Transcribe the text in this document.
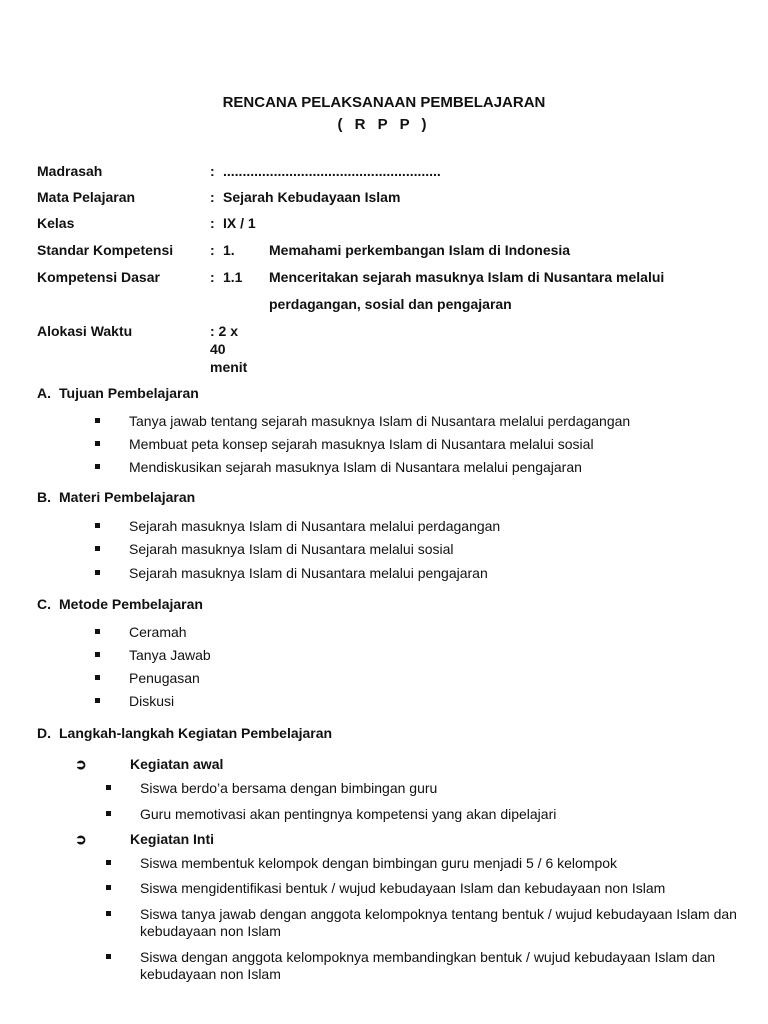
RENCANA PELAKSANAAN PEMBELAJARAN
( R P P )
Madrasah	: ........................................................
Mata Pelajaran	: Sejarah Kebudayaan Islam
Kelas	: IX / 1
Standar Kompetensi	: 1. Memahami perkembangan Islam di Indonesia
Kompetensi Dasar	: 1.1 Menceritakan sejarah masuknya Islam di Nusantara melalui
perdagangan, sosial dan pengajaran
Alokasi Waktu	: 2 x 40 menit
A. Tujuan Pembelajaran
Tanya jawab tentang sejarah masuknya Islam di Nusantara melalui perdagangan
Membuat peta konsep sejarah masuknya Islam di Nusantara melalui sosial
Mendiskusikan sejarah masuknya Islam di Nusantara melalui pengajaran
B. Materi Pembelajaran
Sejarah masuknya Islam di Nusantara melalui perdagangan
Sejarah masuknya Islam di Nusantara melalui sosial
Sejarah masuknya Islam di Nusantara melalui pengajaran
C. Metode Pembelajaran
Ceramah
Tanya Jawab
Penugasan
Diskusi
D. Langkah-langkah Kegiatan Pembelajaran
➲	Kegiatan awal
Siswa berdo’a bersama dengan bimbingan guru
Guru memotivasi akan pentingnya kompetensi yang akan dipelajari
➲	Kegiatan Inti
Siswa membentuk kelompok dengan bimbingan guru menjadi 5 / 6 kelompok
Siswa mengidentifikasi bentuk / wujud kebudayaan Islam dan kebudayaan non Islam
Siswa tanya jawab dengan anggota kelompoknya tentang bentuk / wujud kebudayaan Islam dan kebudayaan non Islam
Siswa dengan anggota kelompoknya membandingkan bentuk / wujud kebudayaan Islam dan kebudayaan non Islam
